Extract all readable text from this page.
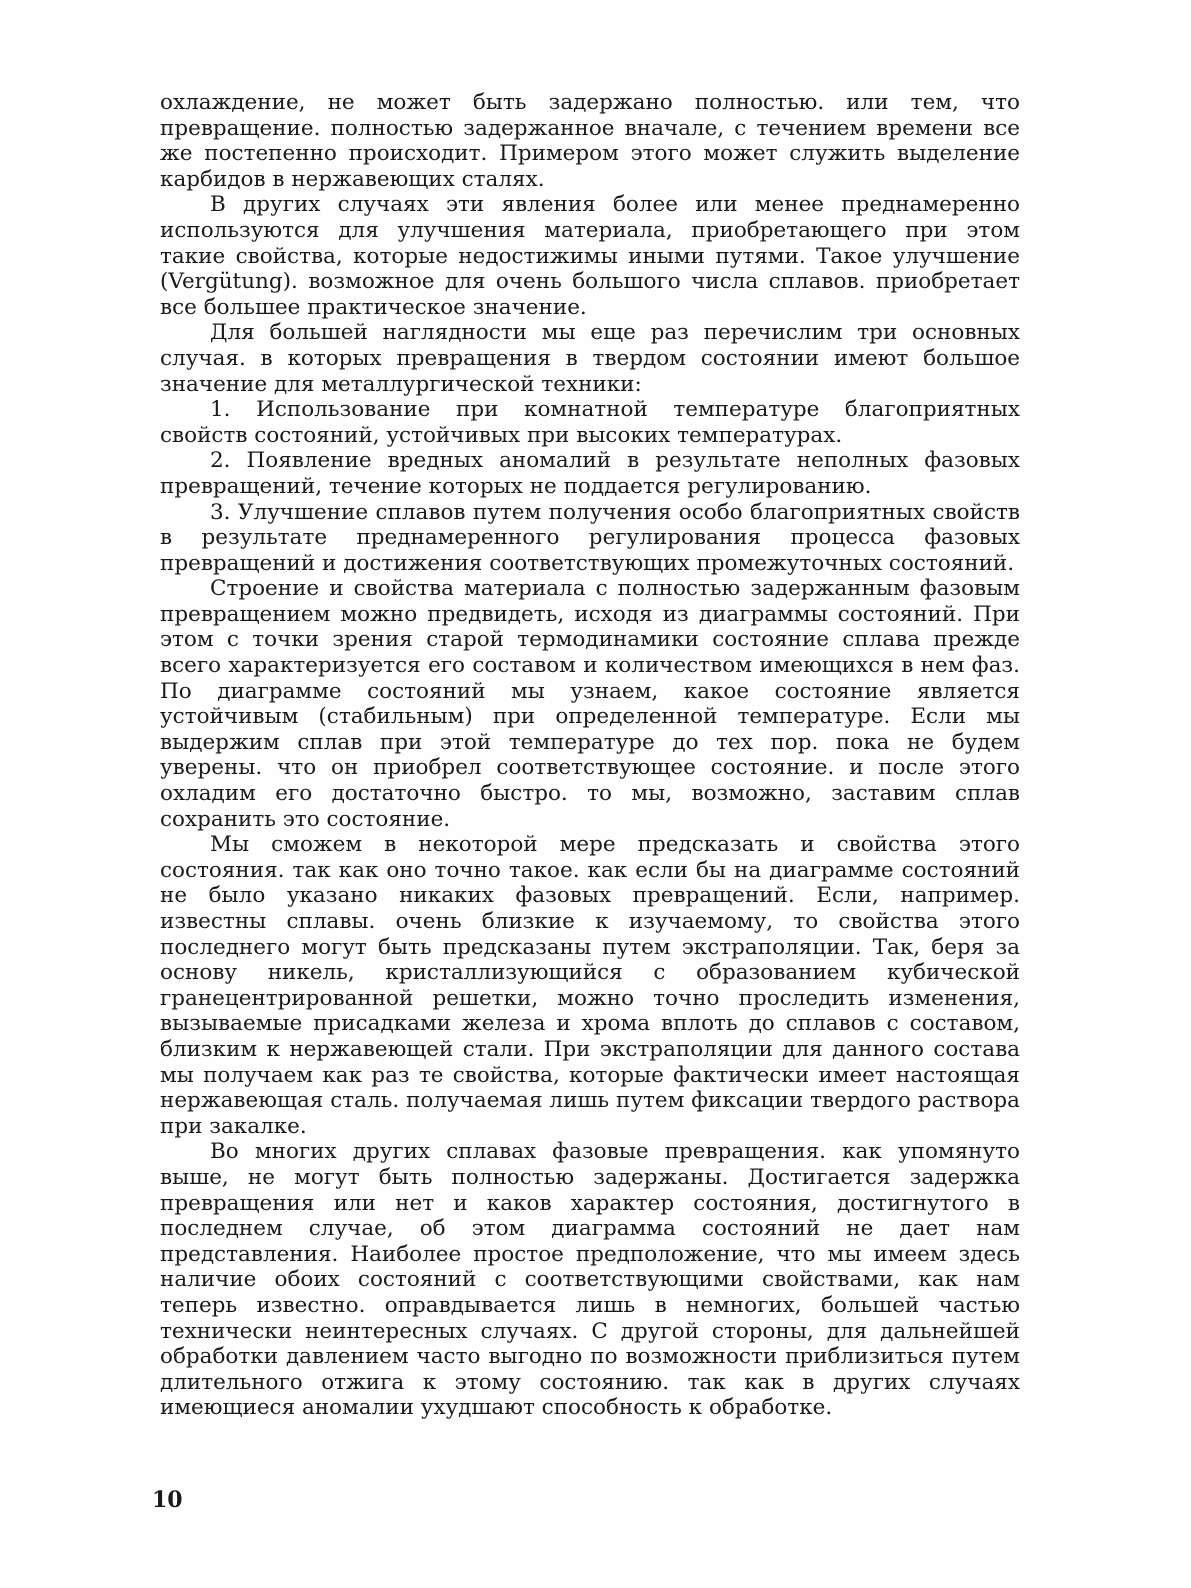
охлаждение, не может быть задержано полностью. или тем, что превращение. полностью задержанное вначале, с течением времени все же постепенно происходит. Примером этого может служить выделение карбидов в нержавеющих сталях.

В других случаях эти явления более или менее преднамеренно используются для улучшения материала, приобретающего при этом такие свойства, которые недостижимы иными путями. Такое улучшение (Vergütung). возможное для очень большого числа сплавов. приобретает все большее практическое значение.

Для большей наглядности мы еще раз перечислим три основных случая. в которых превращения в твердом состоянии имеют большое значение для металлургической техники:

1. Использование при комнатной температуре благоприятных свойств состояний, устойчивых при высоких температурах.

2. Появление вредных аномалий в результате неполных фазовых превращений, течение которых не поддается регулированию.

3. Улучшение сплавов путем получения особо благоприятных свойств в результате преднамеренного регулирования процесса фазовых превращений и достижения соответствующих промежуточных состояний.

Строение и свойства материала с полностью задержанным фазовым превращением можно предвидеть, исходя из диаграммы состояний. При этом с точки зрения старой термодинамики состояние сплава прежде всего характеризуется его составом и количеством имеющихся в нем фаз. По диаграмме состояний мы узнаем, какое состояние является устойчивым (стабильным) при определенной температуре. Если мы выдержим сплав при этой температуре до тех пор. пока не будем уверены. что он приобрел соответствующее состояние. и после этого охладим его достаточно быстро. то мы, возможно, заставим сплав сохранить это состояние.

Мы сможем в некоторой мере предсказать и свойства этого состояния. так как оно точно такое. как если бы на диаграмме состояний не было указано никаких фазовых превращений. Если, например. известны сплавы. очень близкие к изучаемому, то свойства этого последнего могут быть предсказаны путем экстраполяции. Так, беря за основу никель, кристаллизующийся с образованием кубической гранецентрированной решетки, можно точно проследить изменения, вызываемые присадками железа и хрома вплоть до сплавов с составом, близким к нержавеющей стали. При экстраполяции для данного состава мы получаем как раз те свойства, которые фактически имеет настоящая нержавеющая сталь. получаемая лишь путем фиксации твердого раствора при закалке.

Во многих других сплавах фазовые превращения. как упомянуто выше, не могут быть полностью задержаны. Достигается задержка превращения или нет и каков характер состояния, достигнутого в последнем случае, об этом диаграмма состояний не дает нам представления. Наиболее простое предположение, что мы имеем здесь наличие обоих состояний с соответствующими свойствами, как нам теперь известно. оправдывается лишь в немногих, большей частью технически неинтересных случаях. С другой стороны, для дальнейшей обработки давлением часто выгодно по возможности приблизиться путем длительного отжига к этому состоянию. так как в других случаях имеющиеся аномалии ухудшают способность к обработке.

10
